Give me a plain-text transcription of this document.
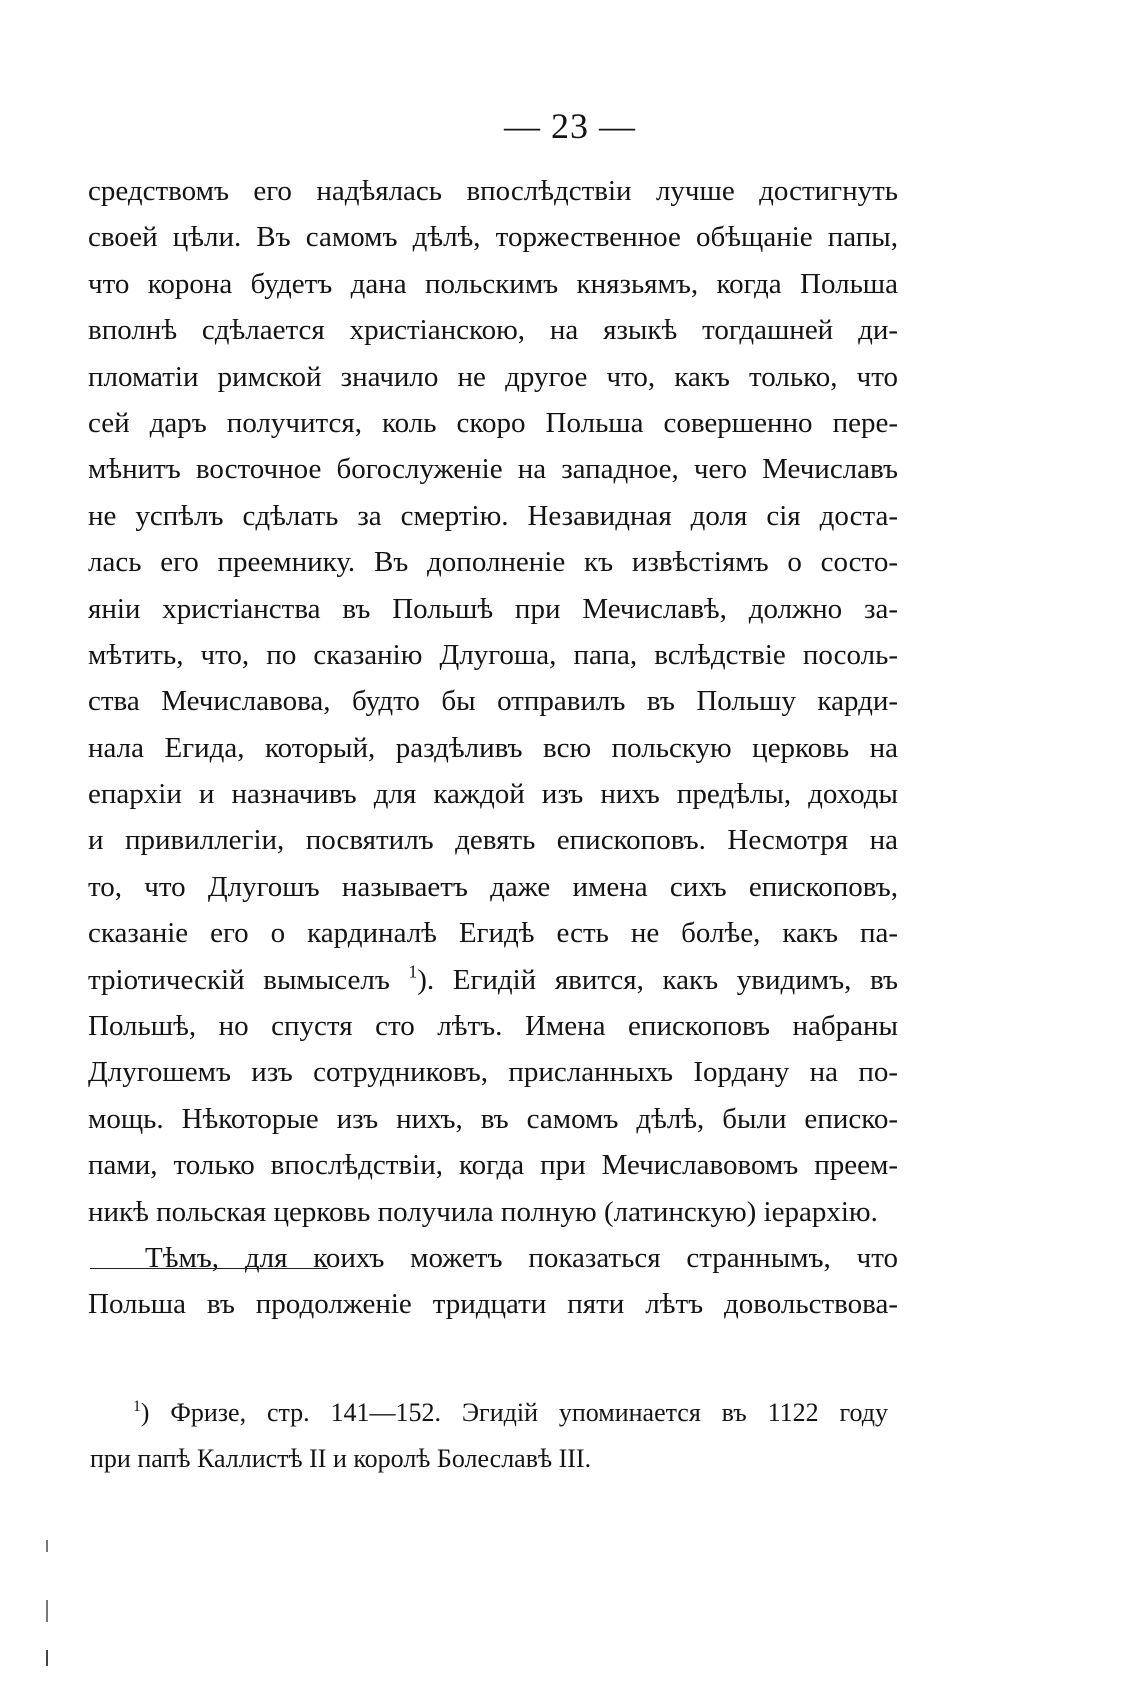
— 23 —
средствомъ его надѣялась впослѣдствіи лучше достигнуть
своей цѣли. Въ самомъ дѣлѣ, торжественное обѣщаніе папы,
что корона будетъ дана польскимъ князьямъ, когда Польша
вполнѣ сдѣлается христіанскою, на языкѣ тогдашней ди-
пломатіи римской значило не другое что, какъ только, что
сей даръ получится, коль скоро Польша совершенно пере-
мѣнитъ восточное богослуженіе на западное, чего Мечиславъ
не успѣлъ сдѣлать за смертію. Незавидная доля сія доста-
лась его преемнику. Въ дополненіе къ извѣстіямъ о состо-
яніи христіанства въ Польшѣ при Мечиславѣ, должно за-
мѣтить, что, по сказанію Длугоша, папа, вслѣдствіе посоль-
ства Мечиславова, будто бы отправилъ въ Польшу карди-
нала Егида, который, раздѣливъ всю польскую церковь на
епархіи и назначивъ для каждой изъ нихъ предѣлы, доходы
и привиллегіи, посвятилъ девять епископовъ. Несмотря на
то, что Длугошъ называетъ даже имена сихъ епископовъ,
сказаніе его о кардиналѣ Егидѣ есть не болѣе, какъ па-
тріотическій вымыселъ $^1$). Егидій явится, какъ увидимъ, въ
Польшѣ, но спустя сто лѣтъ. Имена епископовъ набраны
Длугошемъ изъ сотрудниковъ, присланныхъ Іордану на по-
мощь. Нѣкоторые изъ нихъ, въ самомъ дѣлѣ, были еписко-
пами, только впослѣдствіи, когда при Мечиславовомъ преем-
никѣ польская церковь получила полную (латинскую) іерархію.
Тѣмъ, для коихъ можетъ показаться страннымъ, что
Польша въ продолженіе тридцати пяти лѣтъ довольствова-
$^1$) Фризе, стр. 141—152. Эгидій упоминается въ 1122 году
при папѣ Каллистѣ II и королѣ Болеславѣ III.
